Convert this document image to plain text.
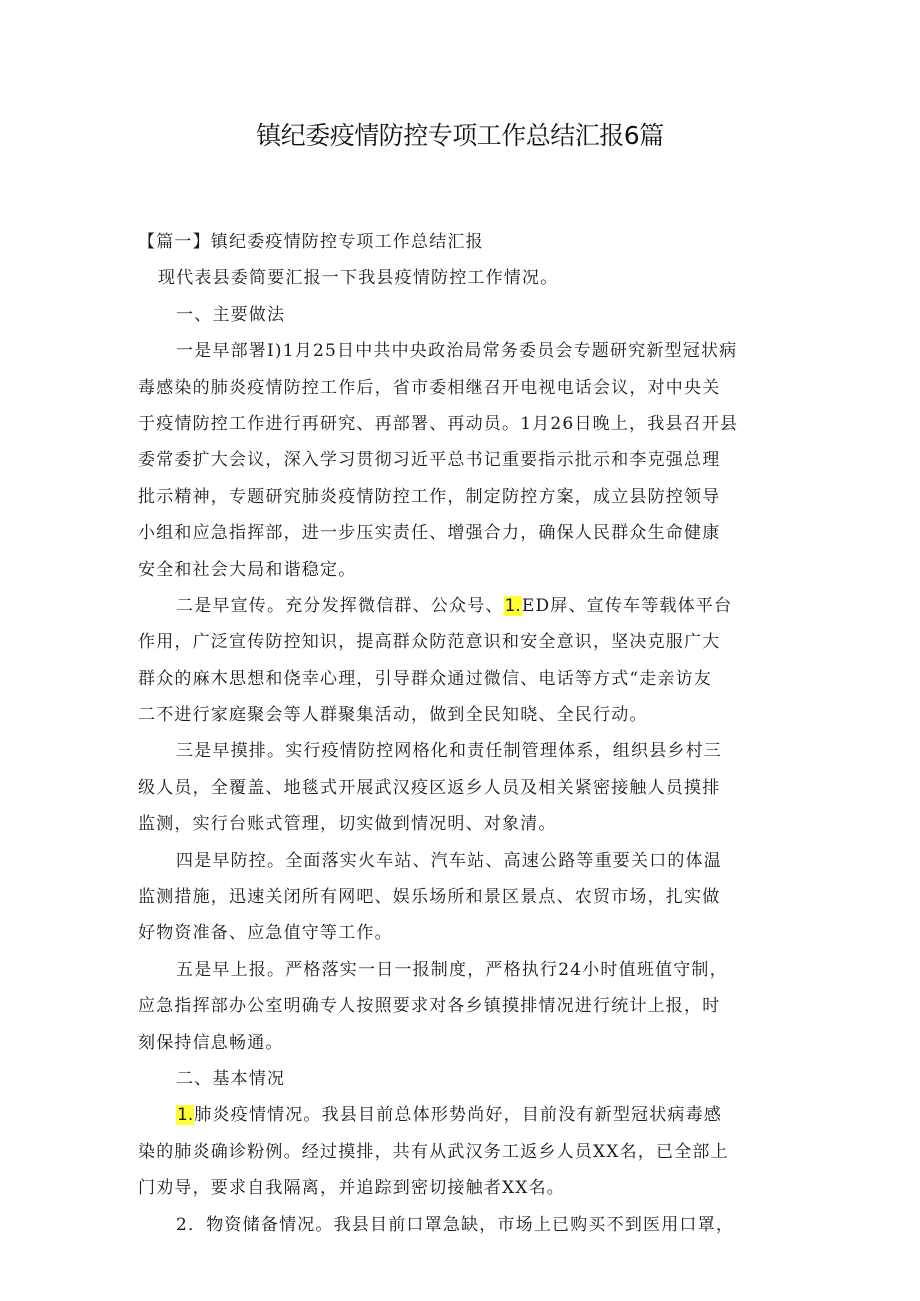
镇纪委疫情防控专项工作总结汇报6篇
【篇一】镇纪委疫情防控专项工作总结汇报
现代表县委简要汇报一下我县疫情防控工作情况。
一、主要做法
一是早部署I)1月25日中共中央政治局常务委员会专题研究新型冠状病
毒感染的肺炎疫情防控工作后，省市委相继召开电视电话会议，对中央关
于疫情防控工作进行再研究、再部署、再动员。1月26日晚上，我县召开县
委常委扩大会议，深入学习贯彻习近平总书记重要指示批示和李克强总理
批示精神，专题研究肺炎疫情防控工作，制定防控方案，成立县防控领导
小组和应急指挥部，进一步压实责任、增强合力，确保人民群众生命健康
安全和社会大局和谐稳定。
二是早宣传。充分发挥微信群、公众号、1.ED屏、宣传车等载体平台
作用，广泛宣传防控知识，提高群众防范意识和安全意识，坚决克服广大
群众的麻木思想和侥幸心理，引导群众通过微信、电话等方式“走亲访友
二不进行家庭聚会等人群聚集活动，做到全民知晓、全民行动。
三是早摸排。实行疫情防控网格化和责任制管理体系，组织县乡村三
级人员，全覆盖、地毯式开展武汉疫区返乡人员及相关紧密接触人员摸排
监测，实行台账式管理，切实做到情况明、对象清。
四是早防控。全面落实火车站、汽车站、高速公路等重要关口的体温
监测措施，迅速关闭所有网吧、娱乐场所和景区景点、农贸市场，扎实做
好物资准备、应急值守等工作。
五是早上报。严格落实一日一报制度，严格执行24小时值班值守制，
应急指挥部办公室明确专人按照要求对各乡镇摸排情况进行统计上报，时
刻保持信息畅通。
二、基本情况
1.肺炎疫情情况。我县目前总体形势尚好，目前没有新型冠状病毒感
染的肺炎确诊粉例。经过摸排，共有从武汉务工返乡人员XX名，已全部上
门劝导，要求自我隔离，并追踪到密切接触者XX名。
2．物资储备情况。我县目前口罩急缺，市场上已购买不到医用口罩，
